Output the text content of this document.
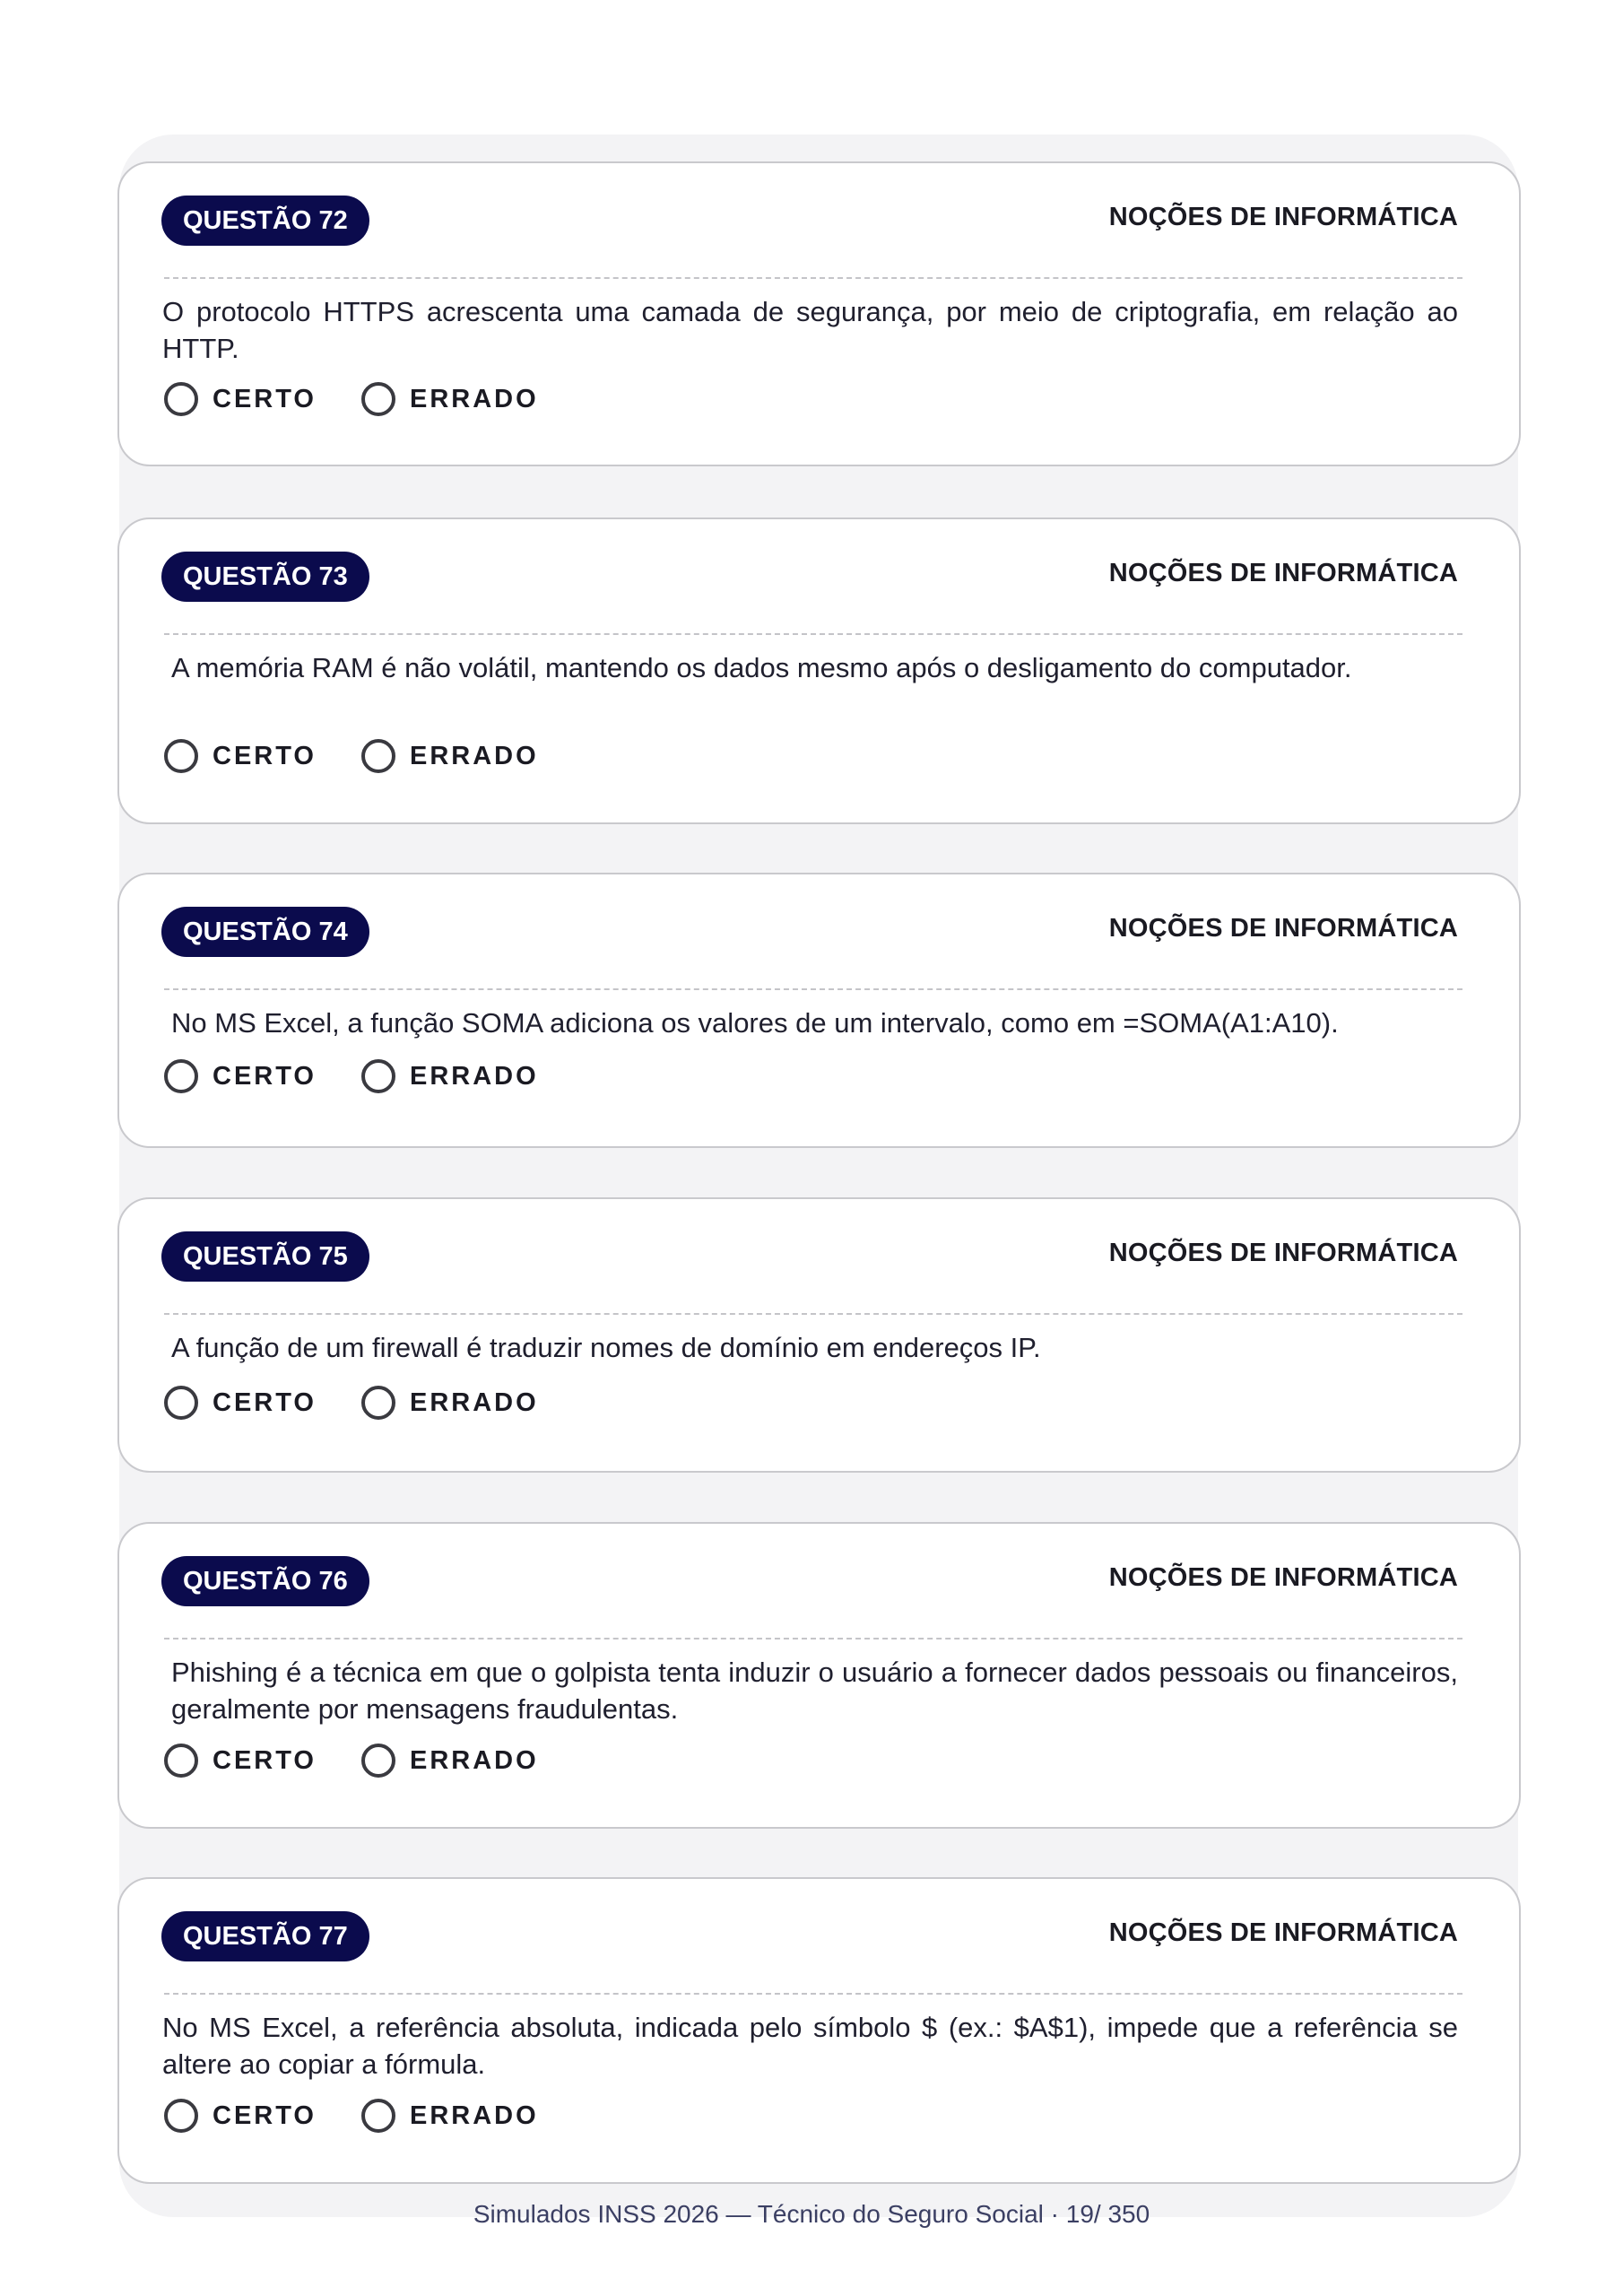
QUESTÃO 72	NOÇÕES DE INFORMÁTICA
O protocolo HTTPS acrescenta uma camada de segurança, por meio de criptografia, em relação ao HTTP.
CERTO	ERRADO
QUESTÃO 73	NOÇÕES DE INFORMÁTICA
A memória RAM é não volátil, mantendo os dados mesmo após o desligamento do computador.
CERTO	ERRADO
QUESTÃO 74	NOÇÕES DE INFORMÁTICA
No MS Excel, a função SOMA adiciona os valores de um intervalo, como em =SOMA(A1:A10).
CERTO	ERRADO
QUESTÃO 75	NOÇÕES DE INFORMÁTICA
A função de um firewall é traduzir nomes de domínio em endereços IP.
CERTO	ERRADO
QUESTÃO 76	NOÇÕES DE INFORMÁTICA
Phishing é a técnica em que o golpista tenta induzir o usuário a fornecer dados pessoais ou financeiros, geralmente por mensagens fraudulentas.
CERTO	ERRADO
QUESTÃO 77	NOÇÕES DE INFORMÁTICA
No MS Excel, a referência absoluta, indicada pelo símbolo $ (ex.: $A$1), impede que a referência se altere ao copiar a fórmula.
CERTO	ERRADO
Simulados INSS 2026 — Técnico do Seguro Social · 19/ 350
